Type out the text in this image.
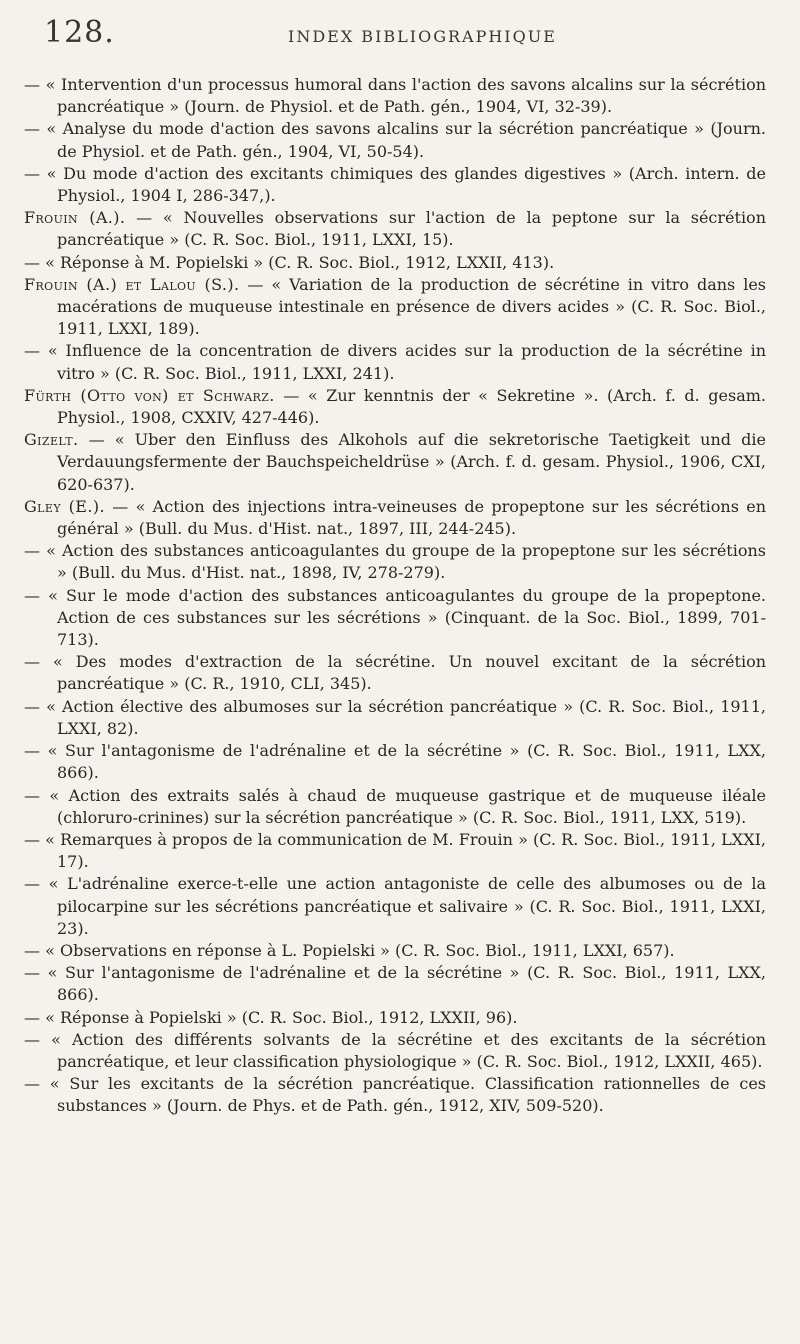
128.	INDEX BIBLIOGRAPHIQUE

— « Intervention d'un processus humoral dans l'action des savons alcalins sur la sécrétion pancréatique » (Journ. de Physiol. et de Path. gén., 1904, VI, 32-39).

— « Analyse du mode d'action des savons alcalins sur la sécrétion pancréatique » (Journ. de Physiol. et de Path. gén., 1904, VI, 50-54).

— « Du mode d'action des excitants chimiques des glandes digestives » (Arch. intern. de Physiol., 1904 I, 286-347,).

Frouin (A.). — « Nouvelles observations sur l'action de la peptone sur la sécrétion pancréatique » (C. R. Soc. Biol., 1911, LXXI, 15).

— « Réponse à M. Popielski » (C. R. Soc. Biol., 1912, LXXII, 413).

Frouin (A.) et Lalou (S.). — « Variation de la production de sécrétine in vitro dans les macérations de muqueuse intestinale en présence de divers acides » (C. R. Soc. Biol., 1911, LXXI, 189).

— « Influence de la concentration de divers acides sur la production de la sécrétine in vitro » (C. R. Soc. Biol., 1911, LXXI, 241).

Fürth (Otto von) et Schwarz. — « Zur kenntnis der « Sekretine ». (Arch. f. d. gesam. Physiol., 1908, CXXIV, 427-446).

Gizelt. — « Uber den Einfluss des Alkohols auf die sekretorische Taetigkeit und die Verdauungsfermente der Bauchspeicheldrüse » (Arch. f. d. gesam. Physiol., 1906, CXI, 620-637).

Gley (E.). — « Action des injections intra-veineuses de propeptone sur les sécrétions en général » (Bull. du Mus. d'Hist. nat., 1897, III, 244-245).

— « Action des substances anticoagulantes du groupe de la propeptone sur les sécrétions » (Bull. du Mus. d'Hist. nat., 1898, IV, 278-279).

— « Sur le mode d'action des substances anticoagulantes du groupe de la propeptone. Action de ces substances sur les sécrétions » (Cinquant. de la Soc. Biol., 1899, 701-713).

— « Des modes d'extraction de la sécrétine. Un nouvel excitant de la sécrétion pancréatique » (C. R., 1910, CLI, 345).

— « Action élective des albumoses sur la sécrétion pancréatique » (C. R. Soc. Biol., 1911, LXXI, 82).

— « Sur l'antagonisme de l'adrénaline et de la sécrétine » (C. R. Soc. Biol., 1911, LXX, 866).

— « Action des extraits salés à chaud de muqueuse gastrique et de muqueuse iléale (chloruro-crinines) sur la sécrétion pancréatique » (C. R. Soc. Biol., 1911, LXX, 519).

— « Remarques à propos de la communication de M. Frouin » (C. R. Soc. Biol., 1911, LXXI, 17).

— « L'adrénaline exerce-t-elle une action antagoniste de celle des albumoses ou de la pilocarpine sur les sécrétions pancréatique et salivaire » (C. R. Soc. Biol., 1911, LXXI, 23).

— « Observations en réponse à L. Popielski » (C. R. Soc. Biol., 1911, LXXI, 657).

— « Sur l'antagonisme de l'adrénaline et de la sécrétine » (C. R. Soc. Biol., 1911, LXX, 866).

— « Réponse à Popielski » (C. R. Soc. Biol., 1912, LXXII, 96).

— « Action des différents solvants de la sécrétine et des excitants de la sécrétion pancréatique, et leur classification physiologique » (C. R. Soc. Biol., 1912, LXXII, 465).

— « Sur les excitants de la sécrétion pancréatique. Classification rationnelles de ces substances » (Journ. de Phys. et de Path. gén., 1912, XIV, 509-520).
